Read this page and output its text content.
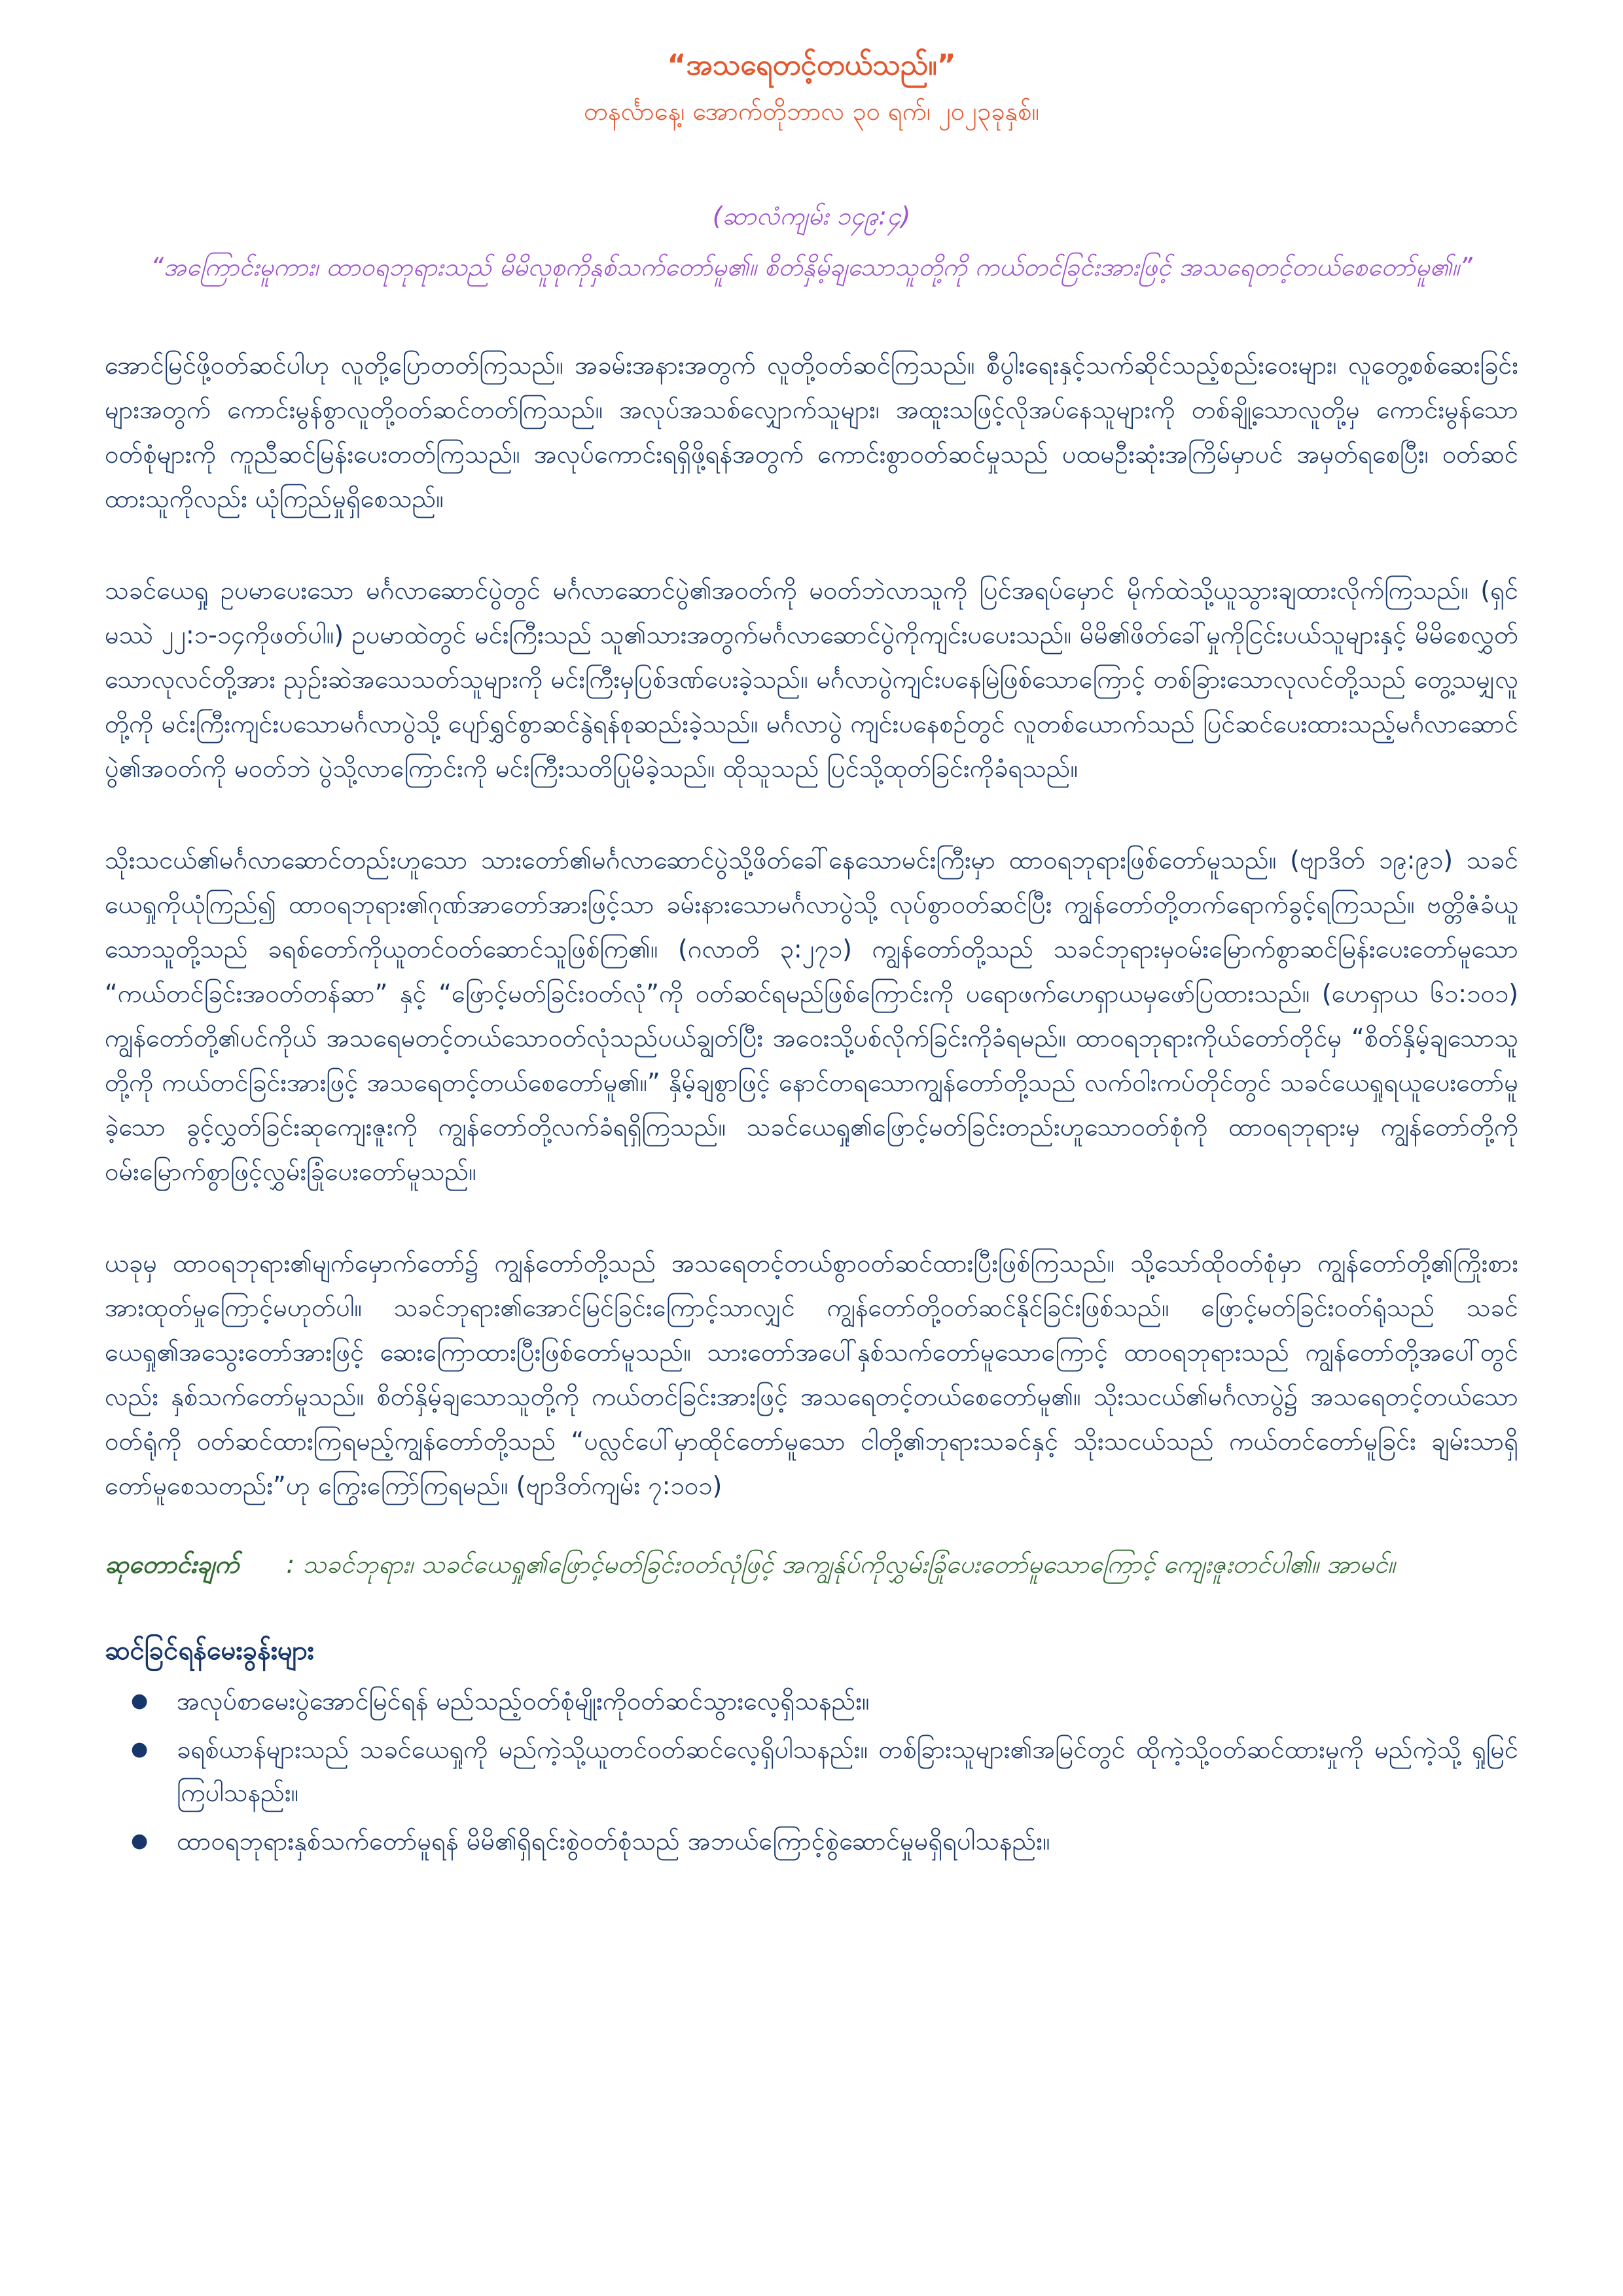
“အသရေတင့်တယ်သည်။”

တနင်္လာနေ့၊ အောက်တိုဘာလ ၃၀ ရက်၊ ၂၀၂၃ခုနှစ်။

(ဆာလံကျမ်း ၁၄၉:၄)

“အကြောင်းမူကား၊ ထာဝရဘုရားသည် မိမိလူစုကိုနှစ်သက်တော်မူ၏။ စိတ်နှိမ့်ချသောသူတို့ကို ကယ်တင်ခြင်းအားဖြင့် အသရေတင့်တယ်စေတော်မူ၏။”

အောင်မြင်ဖို့ဝတ်ဆင်ပါဟု လူတို့ပြောတတ်ကြသည်။ အခမ်းအနားအတွက် လူတို့ဝတ်ဆင်ကြသည်။ စီပွါးရေးနှင့်သက်ဆိုင်သည့်စည်းဝေးများ၊ လူတွေ့စစ်ဆေးခြင်းများအတွက် ကောင်းမွန်စွာလူတို့ဝတ်ဆင်တတ်ကြသည်။ အလုပ်အသစ်လျှောက်သူများ၊ အထူးသဖြင့်လိုအပ်နေသူများကို တစ်ချို့သောလူတို့မှ ကောင်းမွန်သောဝတ်စုံများကို ကူညီဆင်မြန်းပေးတတ်ကြသည်။ အလုပ်ကောင်းရရှိဖို့ရန်အတွက် ကောင်းစွာဝတ်ဆင်မှုသည် ပထမဦးဆုံးအကြိမ်မှာပင် အမှတ်ရစေပြီး၊ ဝတ်ဆင်ထားသူကိုလည်း ယုံကြည်မှုရှိစေသည်။

သခင်ယေရှု ဥပမာပေးသော မင်္ဂလာဆောင်ပွဲတွင် မင်္ဂလာဆောင်ပွဲ၏အဝတ်ကို မဝတ်ဘဲလာသူကို ပြင်အရပ်မှောင် မိုက်ထဲသို့ယူသွားချထားလိုက်ကြသည်။ (ရှင်မဿဲ ၂၂:၁-၁၄ကိုဖတ်ပါ။) ဥပမာထဲတွင် မင်းကြီးသည် သူ၏သားအတွက်မင်္ဂလာဆောင်ပွဲကိုကျင်းပပေးသည်။ မိမိ၏ဖိတ်ခေါ်မှုကိုငြင်းပယ်သူများနှင့် မိမိစေလွှတ်သောလုလင်တို့အား ညှဉ်းဆဲအသေသတ်သူများကို မင်းကြီးမှပြစ်ဒဏ်ပေးခဲ့သည်။ မင်္ဂလာပွဲကျင်းပနေမြဲဖြစ်သောကြောင့် တစ်ခြားသောလုလင်တို့သည် တွေ့သမျှလူတို့ကို မင်းကြီးကျင်းပသောမင်္ဂလာပွဲသို့ ပျော်ရွှင်စွာဆင်နွဲရန်စုဆည်းခဲ့သည်။ မင်္ဂလာပွဲ ကျင်းပနေစဉ်တွင် လူတစ်ယောက်သည် ပြင်ဆင်ပေးထားသည့်မင်္ဂလာဆောင်ပွဲ၏အဝတ်ကို မဝတ်ဘဲ ပွဲသို့လာကြောင်းကို မင်းကြီးသတိပြုမိခဲ့သည်။ ထိုသူသည် ပြင်သို့ထုတ်ခြင်းကိုခံရသည်။

သိုးသငယ်၏မင်္ဂလာဆောင်တည်းဟူသော သားတော်၏မင်္ဂလာဆောင်ပွဲသို့ဖိတ်ခေါ်နေသောမင်းကြီးမှာ ထာဝရဘုရားဖြစ်တော်မူသည်။ (ဗျာဒိတ် ၁၉:၉၁) သခင်ယေရှုကိုယုံကြည်၍ ထာဝရဘုရား၏ဂုဏ်အာတော်အားဖြင့်သာ ခမ်းနားသောမင်္ဂလာပွဲသို့ လုပ်စွာဝတ်ဆင်ပြီး ကျွန်တော်တို့တက်ရောက်ခွင့်ရကြသည်။ ဗတ္တိဇံခံယူသောသူတို့သည် ခရစ်တော်ကိုယူတင်ဝတ်ဆောင်သူဖြစ်ကြ၏။ (ဂလာတိ ၃:၂၇၁) ကျွန်တော်တို့သည် သခင်ဘုရားမှဝမ်းမြောက်စွာဆင်မြန်းပေးတော်မူသော “ကယ်တင်ခြင်းအဝတ်တန်ဆာ” နှင့် “ဖြောင့်မတ်ခြင်းဝတ်လုံ”ကို ဝတ်ဆင်ရမည်ဖြစ်ကြောင်းကို ပရောဖက်ဟေရှာယမှဖော်ပြထားသည်။ (ဟေရှာယ ၆၁:၁၀၁) ကျွန်တော်တို့၏ပင်ကိုယ် အသရေမတင့်တယ်သောဝတ်လုံသည်ပယ်ချွတ်ပြီး အဝေးသို့ပစ်လိုက်ခြင်းကိုခံရမည်။ ထာဝရဘုရားကိုယ်တော်တိုင်မှ “စိတ်နှိမ့်ချသောသူတို့ကို ကယ်တင်ခြင်းအားဖြင့် အသရေတင့်တယ်စေတော်မူ၏။” နှိမ့်ချစွာဖြင့် နောင်တရသောကျွန်တော်တို့သည် လက်ဝါးကပ်တိုင်တွင် သခင်ယေရှုရယူပေးတော်မူခဲ့သော ခွင့်လွှတ်ခြင်းဆုကျေးဇူးကို ကျွန်တော်တို့လက်ခံရရှိကြသည်။ သခင်ယေရှု၏ဖြောင့်မတ်ခြင်းတည်းဟူသောဝတ်စုံကို ထာဝရဘုရားမှ ကျွန်တော်တို့ကို ဝမ်းမြောက်စွာဖြင့်လွှမ်းခြုံပေးတော်မူသည်။

ယခုမှ ထာဝရဘုရား၏မျက်မှောက်တော်၌ ကျွန်တော်တို့သည် အသရေတင့်တယ်စွာဝတ်ဆင်ထားပြီးဖြစ်ကြသည်။ သို့သော်ထိုဝတ်စုံမှာ ကျွန်တော်တို့၏ကြိုးစားအားထုတ်မှုကြောင့်မဟုတ်ပါ။ သခင်ဘုရား၏အောင်မြင်ခြင်းကြောင့်သာလျှင် ကျွန်တော်တို့ဝတ်ဆင်နိုင်ခြင်းဖြစ်သည်။ ဖြောင့်မတ်ခြင်းဝတ်ရုံသည် သခင်ယေရှု၏အသွေးတော်အားဖြင့် ဆေးကြောထားပြီးဖြစ်တော်မူသည်။ သားတော်အပေါ်နှစ်သက်တော်မူသောကြောင့် ထာဝရဘုရားသည် ကျွန်တော်တို့အပေါ်တွင်လည်း နှစ်သက်တော်မူသည်။ စိတ်နှိမ့်ချသောသူတို့ကို ကယ်တင်ခြင်းအားဖြင့် အသရေတင့်တယ်စေတော်မူ၏။ သိုးသငယ်၏မင်္ဂလာပွဲ၌ အသရေတင့်တယ်သောဝတ်ရုံကို ဝတ်ဆင်ထားကြရမည့်ကျွန်တော်တို့သည် “ပလ္လင်ပေါ်မှာထိုင်တော်မူသော ငါတို့၏ဘုရားသခင်နှင့် သိုးသငယ်သည် ကယ်တင်တော်မူခြင်း ချမ်းသာရှိတော်မူစေသတည်း”ဟု ကြွေးကြော်ကြရမည်။ (ဗျာဒိတ်ကျမ်း ၇:၁၀၁)

ဆုတောင်းချက် : သခင်ဘုရား၊ သခင်ယေရှု၏ဖြောင့်မတ်ခြင်းဝတ်လုံဖြင့် အကျွန်ုပ်ကိုလွှမ်းခြုံပေးတော်မူသောကြောင့် ကျေးဇူးတင်ပါ၏။ အာမင်။
ဆင်ခြင်ရန်မေးခွန်းများ
● အလုပ်စာမေးပွဲအောင်မြင်ရန် မည်သည့်ဝတ်စုံမျိုးကိုဝတ်ဆင်သွားလေ့ရှိသနည်း။
● ခရစ်ယာန်များသည် သခင်ယေရှုကို မည်ကဲ့သို့ယူတင်ဝတ်ဆင်လေ့ရှိပါသနည်း။ တစ်ခြားသူများ၏အမြင်တွင် ထိုကဲ့သို့ဝတ်ဆင်ထားမှုကို မည်ကဲ့သို့ ရှုမြင်ကြပါသနည်း။
● ထာဝရဘုရားနှစ်သက်တော်မူရန် မိမိ၏ရှိရင်းစွဲဝတ်စုံသည် အဘယ်ကြောင့်စွဲဆောင်မှုမရှိရပါသနည်း။
